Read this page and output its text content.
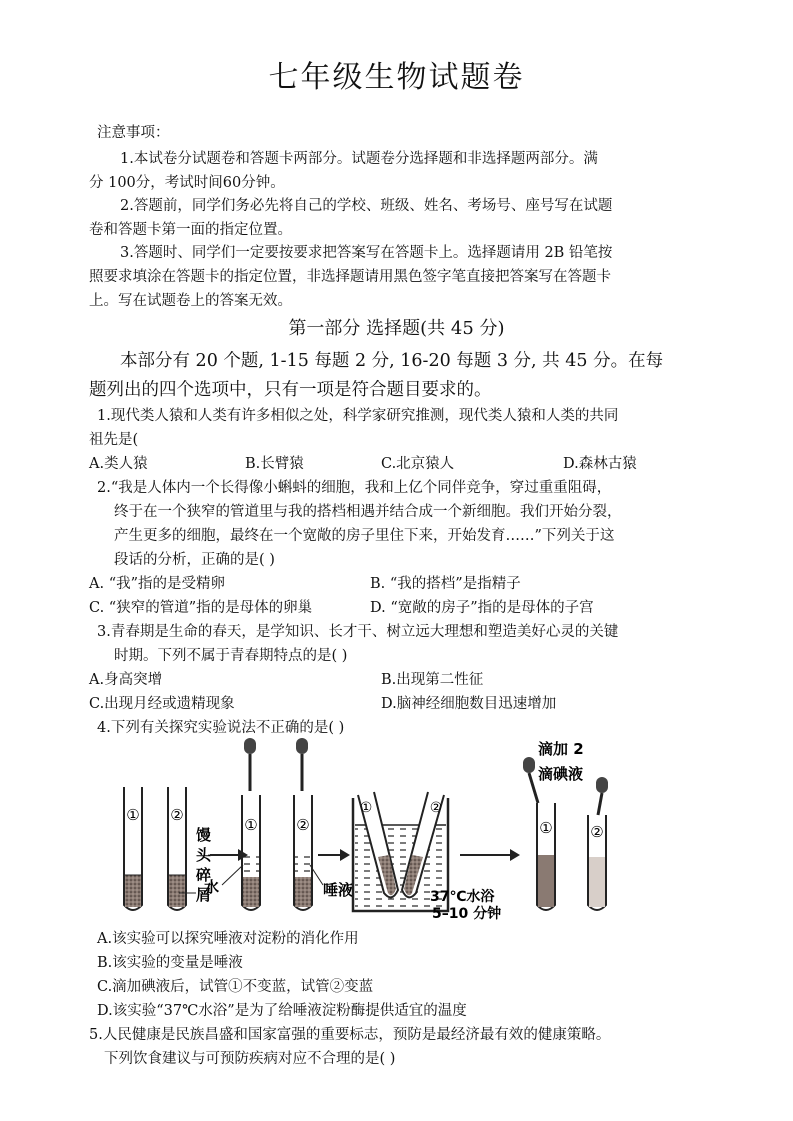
七年级生物试题卷
注意事项：
1.本试卷分试题卷和答题卡两部分。试题卷分选择题和非选择题两部分。满
分 100分，考试时间60分钟。
2.答题前，同学们务必先将自己的学校、班级、姓名、考场号、座号写在试题
卷和答题卡第一面的指定位置。
3.答题时、同学们一定要按要求把答案写在答题卡上。选择题请用 2B 铅笔按
照要求填涂在答题卡的指定位置，非选择题请用黑色签字笔直接把答案写在答题卡
上。写在试题卷上的答案无效。
第一部分 选择题(共 45 分)
本部分有 20 个题, 1-15 每题 2 分, 16-20 每题 3 分, 共 45 分。在每
题列出的四个选项中，只有一项是符合题目要求的。
1.现代类人猿和人类有许多相似之处，科学家研究推测，现代类人猿和人类的共同
祖先是(
A.类人猿	B.长臂猿	C.北京猿人	D.森林古猿
2.“我是人体内一个长得像小蝌蚪的细胞，我和上亿个同伴竞争，穿过重重阻碍，
终于在一个狭窄的管道里与我的搭档相遇并结合成一个新细胞。我们开始分裂，
产生更多的细胞，最终在一个宽敞的房子里住下来，开始发育……”下列关于这
段话的分析，正确的是( )
A. “我”指的是受精卵	B. “我的搭档”是指精子
C. “狭窄的管道”指的是母体的卵巢	D. “宽敞的房子”指的是母体的子宫
3.青春期是生命的春天，是学知识、长才干、树立远大理想和塑造美好心灵的关键
时期。下列不属于青春期特点的是( )
A.身高突增	B.出现第二性征
C.出现月经或遗精现象	D.脑神经细胞数目迅速增加
4.下列有关探究实验说法不正确的是( )
① ②
馒
头
碎
屑
①	②
水	唾液
①	②
37℃水浴
5–10 分钟
滴加 2
滴碘液
①	②
A.该实验可以探究唾液对淀粉的消化作用
B.该实验的变量是唾液
C.滴加碘液后，试管①不变蓝，试管②变蓝
D.该实验“37℃水浴”是为了给唾液淀粉酶提供适宜的温度
5.人民健康是民族昌盛和国家富强的重要标志，预防是最经济最有效的健康策略。
下列饮食建议与可预防疾病对应不合理的是( )
